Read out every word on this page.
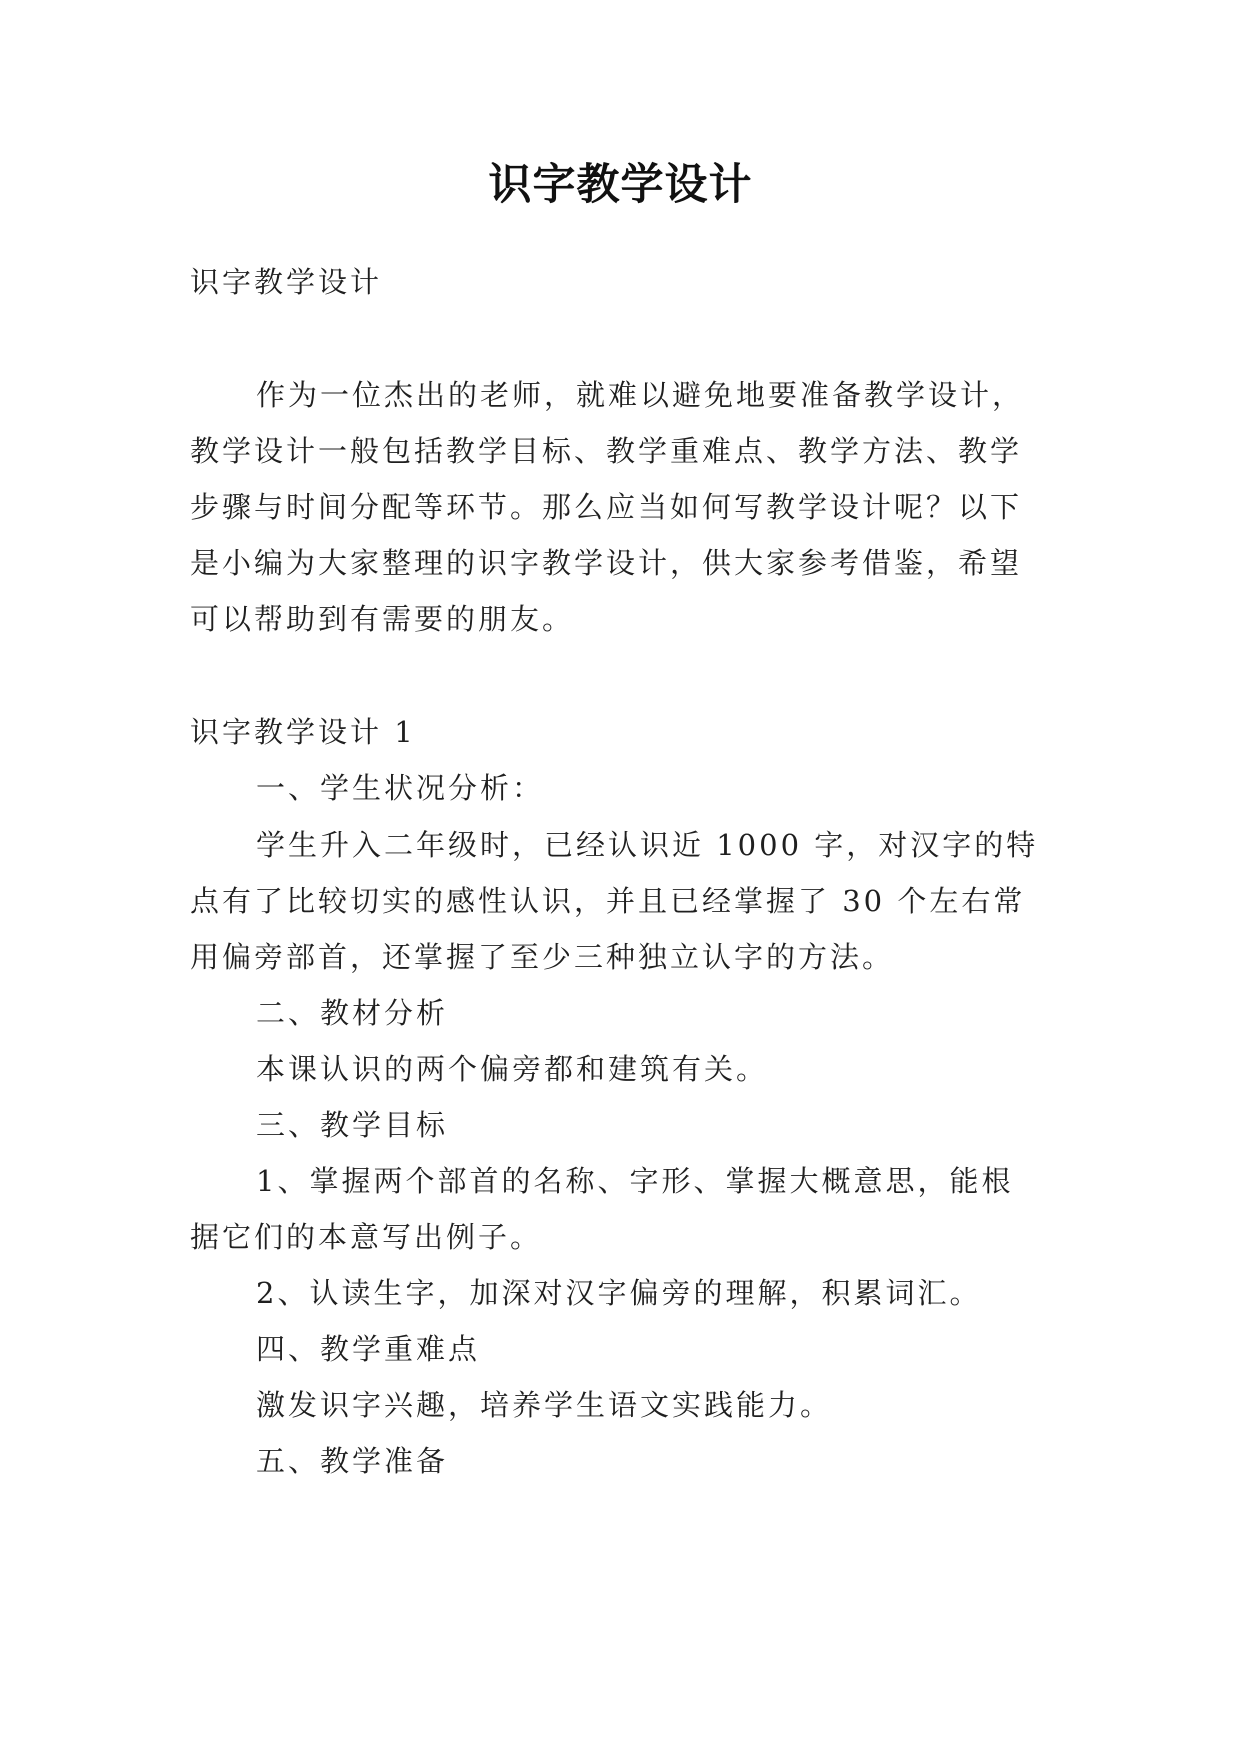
识字教学设计
识字教学设计
作为一位杰出的老师，就难以避免地要准备教学设计，
教学设计一般包括教学目标、教学重难点、教学方法、教学
步骤与时间分配等环节。那么应当如何写教学设计呢？以下
是小编为大家整理的识字教学设计，供大家参考借鉴，希望
可以帮助到有需要的朋友。
识字教学设计 1
一、学生状况分析：
学生升入二年级时，已经认识近 1000 字，对汉字的特
点有了比较切实的感性认识，并且已经掌握了 30 个左右常
用偏旁部首，还掌握了至少三种独立认字的方法。
二、教材分析
本课认识的两个偏旁都和建筑有关。
三、教学目标
1、掌握两个部首的名称、字形、掌握大概意思，能根
据它们的本意写出例子。
2、认读生字，加深对汉字偏旁的理解，积累词汇。
四、教学重难点
激发识字兴趣，培养学生语文实践能力。
五、教学准备
